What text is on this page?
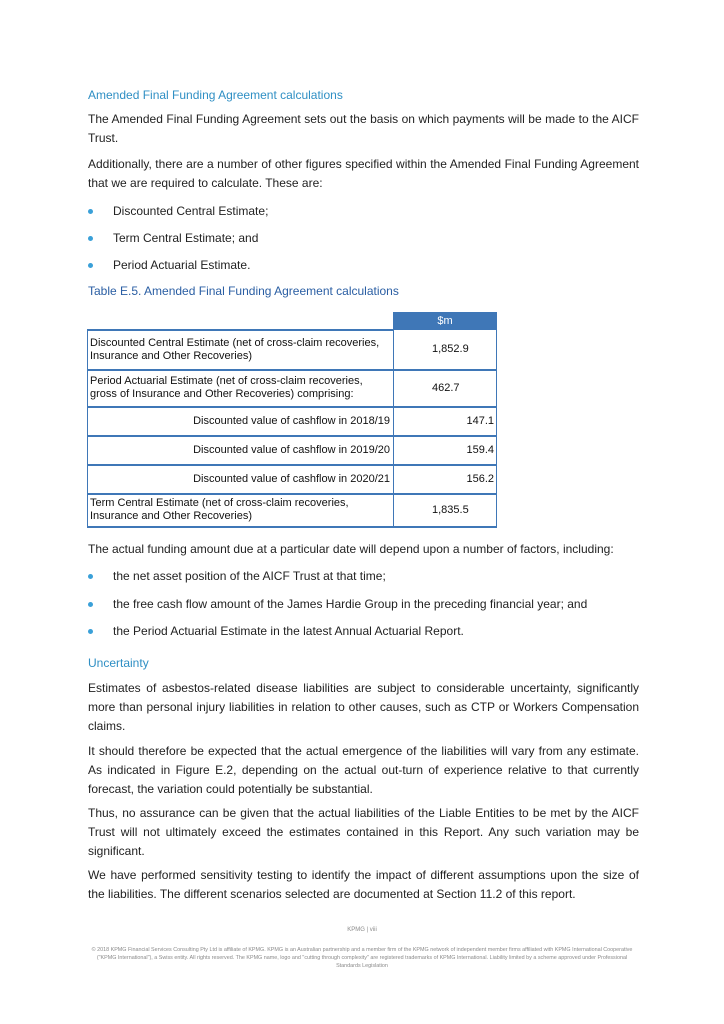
Amended Final Funding Agreement calculations

The Amended Final Funding Agreement sets out the basis on which payments will be made to the AICF Trust.

Additionally, there are a number of other figures specified within the Amended Final Funding Agreement that we are required to calculate. These are:

Discounted Central Estimate;
Term Central Estimate; and
Period Actuarial Estimate.
Table E.5. Amended Final Funding Agreement calculations
	$m
Discounted Central Estimate (net of cross-claim recoveries, Insurance and Other Recoveries)	1,852.9
Period Actuarial Estimate (net of cross-claim recoveries, gross of Insurance and Other Recoveries) comprising:	462.7
Discounted value of cashflow in 2018/19	147.1
Discounted value of cashflow in 2019/20	159.4
Discounted value of cashflow in 2020/21	156.2
Term Central Estimate (net of cross-claim recoveries, Insurance and Other Recoveries)	1,835.5

The actual funding amount due at a particular date will depend upon a number of factors, including:

the net asset position of the AICF Trust at that time;
the free cash flow amount of the James Hardie Group in the preceding financial year; and
the Period Actuarial Estimate in the latest Annual Actuarial Report.
Uncertainty

Estimates of asbestos-related disease liabilities are subject to considerable uncertainty, significantly more than personal injury liabilities in relation to other causes, such as CTP or Workers Compensation claims.

It should therefore be expected that the actual emergence of the liabilities will vary from any estimate. As indicated in Figure E.2, depending on the actual out-turn of experience relative to that currently forecast, the variation could potentially be substantial.

Thus, no assurance can be given that the actual liabilities of the Liable Entities to be met by the AICF Trust will not ultimately exceed the estimates contained in this Report. Any such variation may be significant.

We have performed sensitivity testing to identify the impact of different assumptions upon the size of the liabilities. The different scenarios selected are documented at Section 11.2 of this report.

KPMG | viii
© 2018 KPMG Financial Services Consulting Pty Ltd is affiliate of KPMG. KPMG is an Australian partnership and a member firm of the KPMG network of independent member firms affiliated with KPMG International Cooperative ("KPMG International"), a Swiss entity. All rights reserved. The KPMG name, logo and "cutting through complexity" are registered trademarks of KPMG International. Liability limited by a scheme approved under Professional Standards Legislation
